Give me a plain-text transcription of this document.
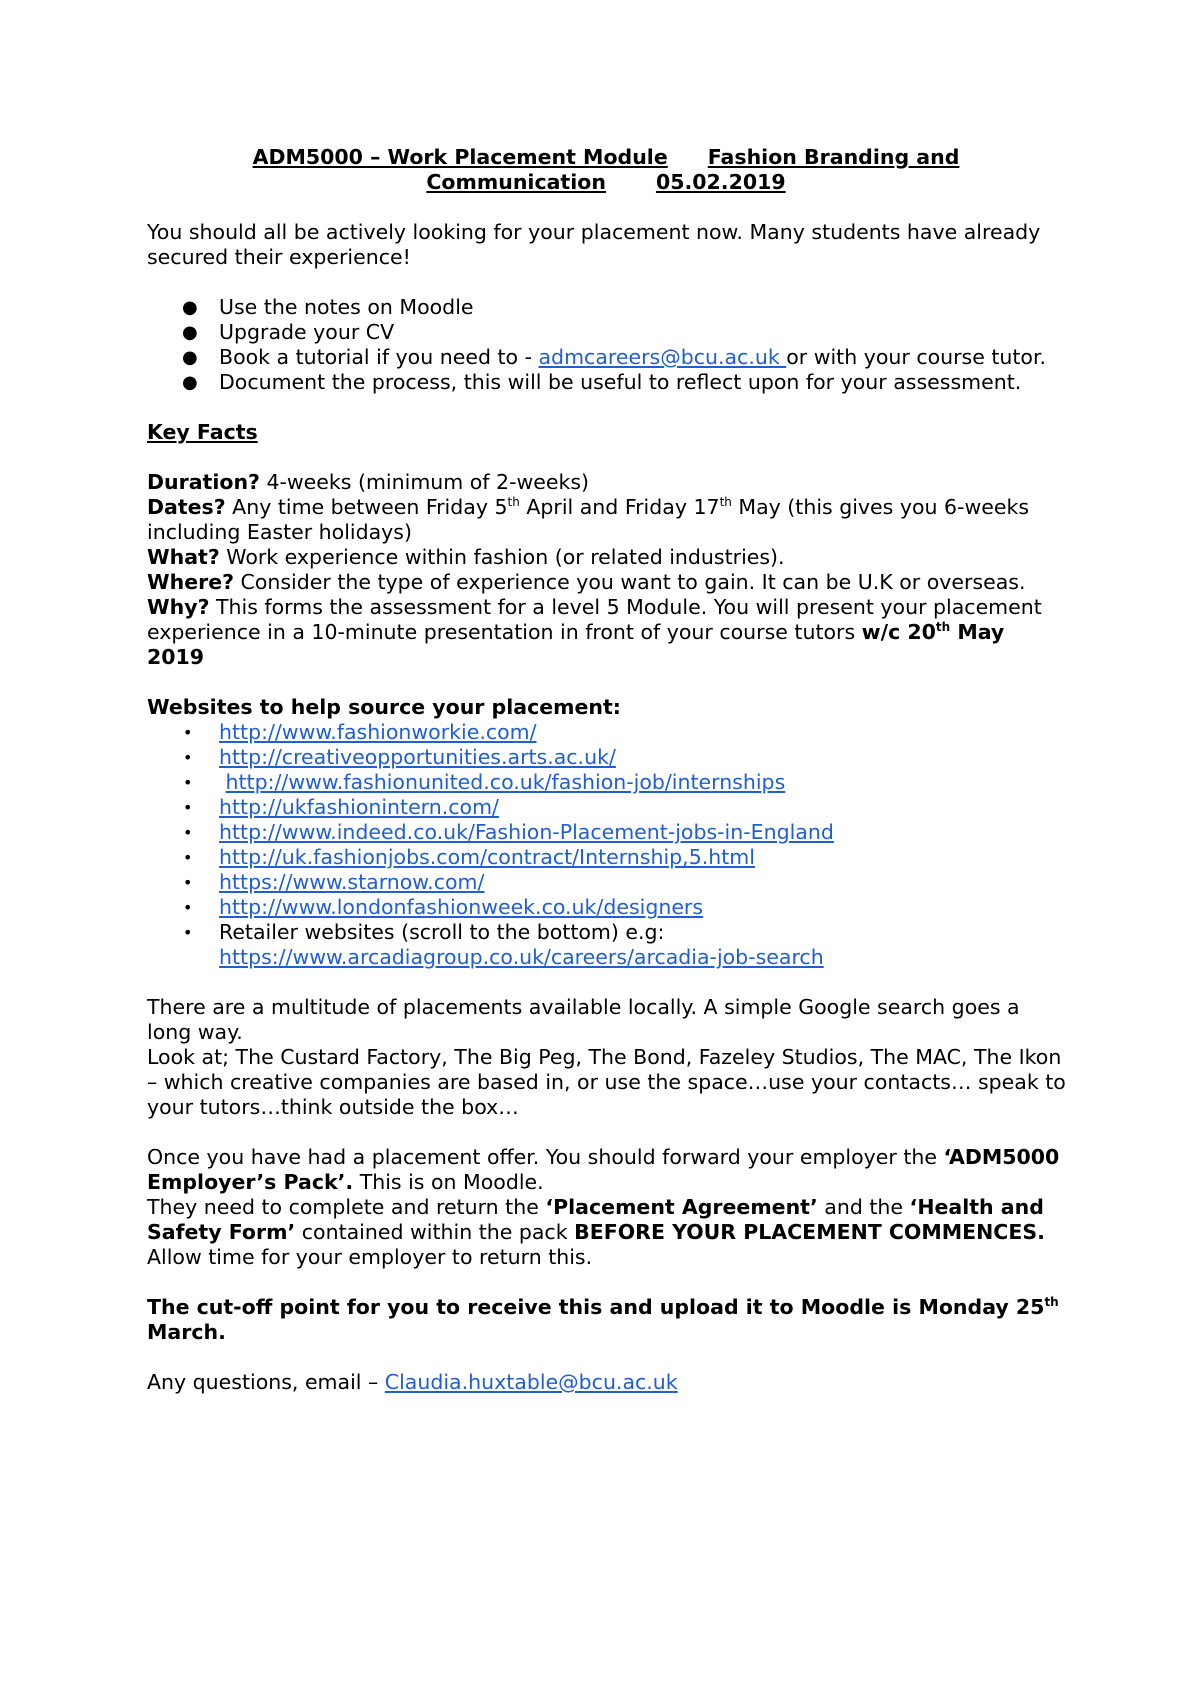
ADM5000 – Work Placement Module Fashion Branding and
Communication 05.02.2019

You should all be actively looking for your placement now. Many students have already secured their experience!

● Use the notes on Moodle
● Upgrade your CV
● Book a tutorial if you need to - admcareers@bcu.ac.uk or with your course tutor.
● Document the process, this will be useful to reflect upon for your assessment.

Key Facts

Duration? 4-weeks (minimum of 2-weeks)
Dates? Any time between Friday 5th April and Friday 17th May (this gives you 6-weeks including Easter holidays)
What? Work experience within fashion (or related industries).
Where? Consider the type of experience you want to gain. It can be U.K or overseas.
Why? This forms the assessment for a level 5 Module. You will present your placement experience in a 10-minute presentation in front of your course tutors w/c 20th May 2019

Websites to help source your placement:

• http://www.fashionworkie.com/
• http://creativeopportunities.arts.ac.uk/
• http://www.fashionunited.co.uk/fashion-job/internships
• http://ukfashionintern.com/
• http://www.indeed.co.uk/Fashion-Placement-jobs-in-England
• http://uk.fashionjobs.com/contract/Internship,5.html
• https://www.starnow.com/
• http://www.londonfashionweek.co.uk/designers
• Retailer websites (scroll to the bottom) e.g:
https://www.arcadiagroup.co.uk/careers/arcadia-job-search

There are a multitude of placements available locally. A simple Google search goes a long way.

Look at; The Custard Factory, The Big Peg, The Bond, Fazeley Studios, The MAC, The Ikon – which creative companies are based in, or use the space…use your contacts… speak to your tutors…think outside the box…

Once you have had a placement offer. You should forward your employer the ‘ADM5000 Employer’s Pack’. This is on Moodle.
They need to complete and return the ‘Placement Agreement’ and the ‘Health and Safety Form’ contained within the pack BEFORE YOUR PLACEMENT COMMENCES. Allow time for your employer to return this.

The cut-off point for you to receive this and upload it to Moodle is Monday 25th March.

Any questions, email – Claudia.huxtable@bcu.ac.uk
